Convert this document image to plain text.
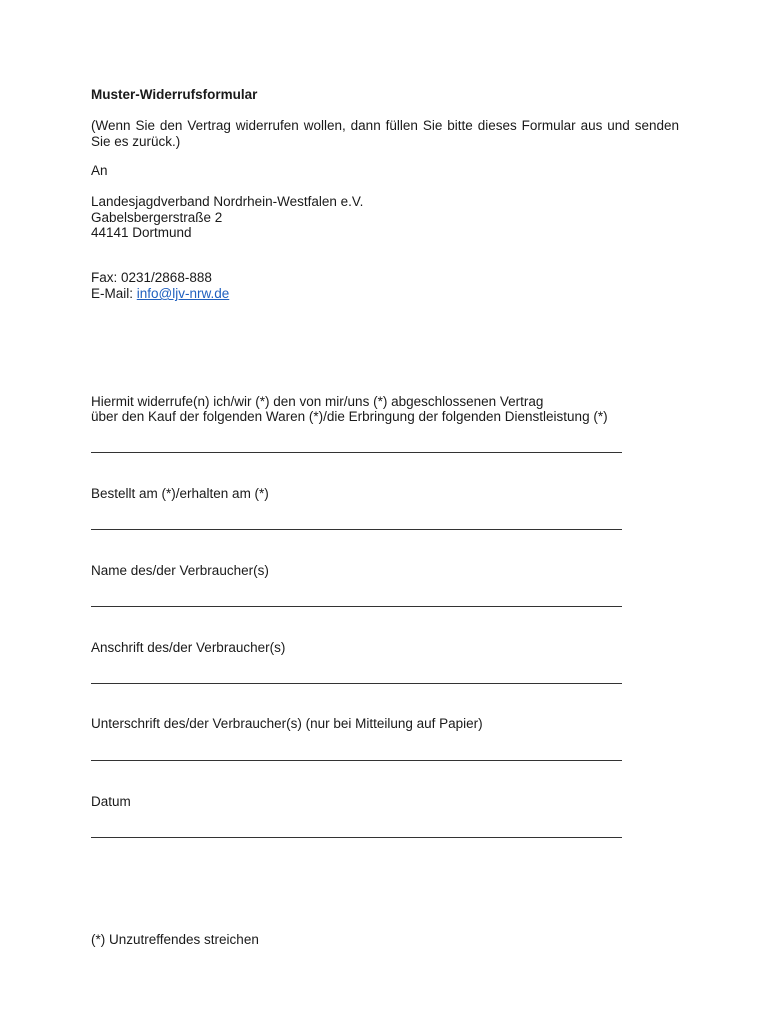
Muster-Widerrufsformular
(Wenn Sie den Vertrag widerrufen wollen, dann füllen Sie bitte dieses Formular aus und senden Sie es zurück.)
An
Landesjagdverband Nordrhein-Westfalen e.V.
Gabelsbergerstraße 2
44141 Dortmund
Fax: 0231/2868-888
E-Mail: info@ljv-nrw.de
Hiermit widerrufe(n) ich/wir (*) den von mir/uns (*) abgeschlossenen Vertrag
über den Kauf der folgenden Waren (*)/die Erbringung der folgenden Dienstleistung (*)
Bestellt am (*)/erhalten am (*)
Name des/der Verbraucher(s)
Anschrift des/der Verbraucher(s)
Unterschrift des/der Verbraucher(s) (nur bei Mitteilung auf Papier)
Datum
(*) Unzutreffendes streichen
